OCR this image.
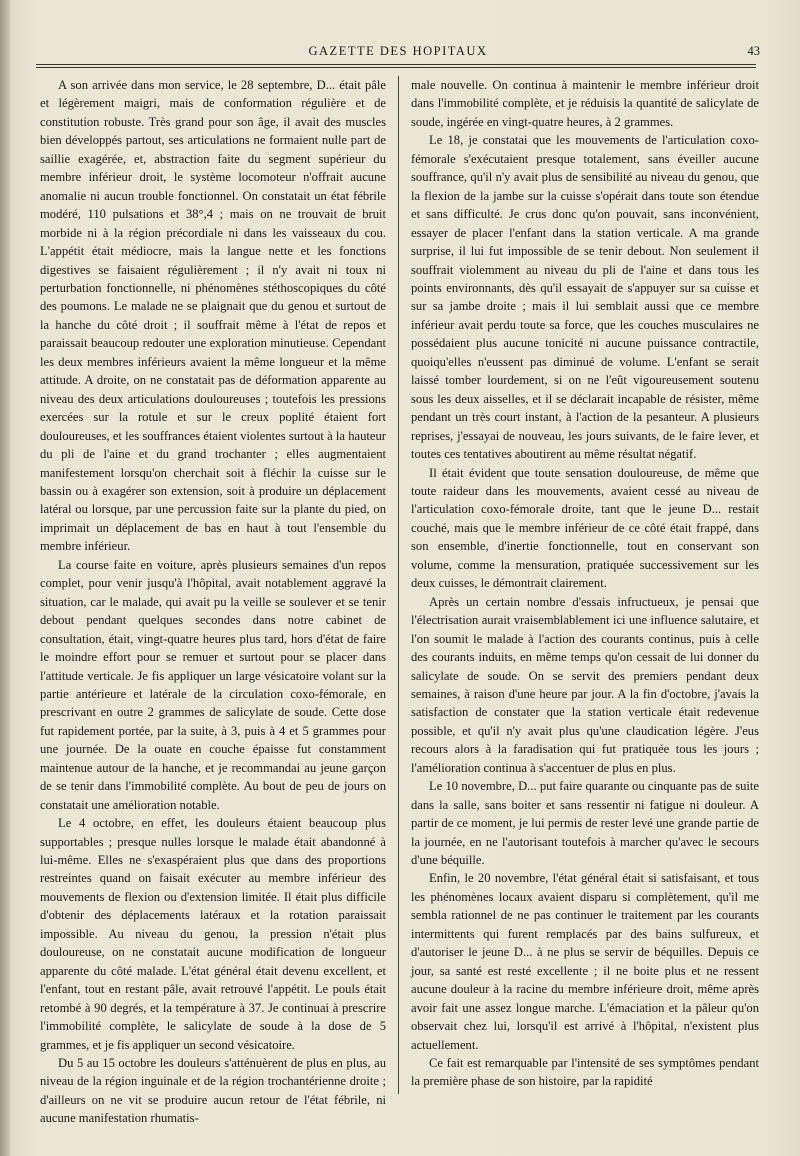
GAZETTE DES HOPITAUX	43

A son arrivée dans mon service, le 28 septembre, D... était pâle et légèrement maigri, mais de conformation régulière et de constitution robuste. Très grand pour son âge, il avait des muscles bien développés partout, ses articulations ne formaient nulle part de saillie exagérée, et, abstraction faite du segment supérieur du membre inférieur droit, le système locomoteur n'offrait aucune anomalie ni aucun trouble fonctionnel. On constatait un état fébrile modéré, 110 pulsations et 38°,4 ; mais on ne trouvait de bruit morbide ni à la région précordiale ni dans les vaisseaux du cou. L'appétit était médiocre, mais la langue nette et les fonctions digestives se faisaient régulièrement ; il n'y avait ni toux ni perturbation fonctionnelle, ni phénomènes stéthoscopiques du côté des poumons. Le malade ne se plaignait que du genou et surtout de la hanche du côté droit ; il souffrait même à l'état de repos et paraissait beaucoup redouter une exploration minutieuse. Cependant les deux membres inférieurs avaient la même longueur et la même attitude. A droite, on ne constatait pas de déformation apparente au niveau des deux articulations douloureuses ; toutefois les pressions exercées sur la rotule et sur le creux poplité étaient fort douloureuses, et les souffrances étaient violentes surtout à la hauteur du pli de l'aine et du grand trochanter ; elles augmentaient manifestement lorsqu'on cherchait soit à fléchir la cuisse sur le bassin ou à exagérer son extension, soit à produire un déplacement latéral ou lorsque, par une percussion faite sur la plante du pied, on imprimait un déplacement de bas en haut à tout l'ensemble du membre inférieur.

La course faite en voiture, après plusieurs semaines d'un repos complet, pour venir jusqu'à l'hôpital, avait notablement aggravé la situation, car le malade, qui avait pu la veille se soulever et se tenir debout pendant quelques secondes dans notre cabinet de consultation, était, vingt-quatre heures plus tard, hors d'état de faire le moindre effort pour se remuer et surtout pour se placer dans l'attitude verticale. Je fis appliquer un large vésicatoire volant sur la partie antérieure et latérale de la circulation coxo-fémorale, en prescrivant en outre 2 grammes de salicylate de soude. Cette dose fut rapidement portée, par la suite, à 3, puis à 4 et 5 grammes pour une journée. De la ouate en couche épaisse fut constamment maintenue autour de la hanche, et je recommandai au jeune garçon de se tenir dans l'immobilité complète. Au bout de peu de jours on constatait une amélioration notable.

Le 4 octobre, en effet, les douleurs étaient beaucoup plus supportables ; presque nulles lorsque le malade était abandonné à lui-même. Elles ne s'exaspéraient plus que dans des proportions restreintes quand on faisait exécuter au membre inférieur des mouvements de flexion ou d'extension limitée. Il était plus difficile d'obtenir des déplacements latéraux et la rotation paraissait impossible. Au niveau du genou, la pression n'était plus douloureuse, on ne constatait aucune modification de longueur apparente du côté malade. L'état général était devenu excellent, et l'enfant, tout en restant pâle, avait retrouvé l'appétit. Le pouls était retombé à 90 degrés, et la température à 37. Je continuai à prescrire l'immobilité complète, le salicylate de soude à la dose de 5 grammes, et je fis appliquer un second vésicatoire.

Du 5 au 15 octobre les douleurs s'atténuèrent de plus en plus, au niveau de la région inguinale et de la région trochantérienne droite ; d'ailleurs on ne vit se produire aucun retour de l'état fébrile, ni aucune manifestation rhumatis-

male nouvelle. On continua à maintenir le membre inférieur droit dans l'immobilité complète, et je réduisis la quantité de salicylate de soude, ingérée en vingt-quatre heures, à 2 grammes.

Le 18, je constatai que les mouvements de l'articulation coxo-fémorale s'exécutaient presque totalement, sans éveiller aucune souffrance, qu'il n'y avait plus de sensibilité au niveau du genou, que la flexion de la jambe sur la cuisse s'opérait dans toute son étendue et sans difficulté. Je crus donc qu'on pouvait, sans inconvénient, essayer de placer l'enfant dans la station verticale. A ma grande surprise, il lui fut impossible de se tenir debout. Non seulement il souffrait violemment au niveau du pli de l'aine et dans tous les points environnants, dès qu'il essayait de s'appuyer sur sa cuisse et sur sa jambe droite ; mais il lui semblait aussi que ce membre inférieur avait perdu toute sa force, que les couches musculaires ne possédaient plus aucune tonicité ni aucune puissance contractile, quoiqu'elles n'eussent pas diminué de volume. L'enfant se serait laissé tomber lourdement, si on ne l'eût vigoureusement soutenu sous les deux aisselles, et il se déclarait incapable de résister, même pendant un très court instant, à l'action de la pesanteur. A plusieurs reprises, j'essayai de nouveau, les jours suivants, de le faire lever, et toutes ces tentatives aboutirent au même résultat négatif.

Il était évident que toute sensation douloureuse, de même que toute raideur dans les mouvements, avaient cessé au niveau de l'articulation coxo-fémorale droite, tant que le jeune D... restait couché, mais que le membre inférieur de ce côté était frappé, dans son ensemble, d'inertie fonctionnelle, tout en conservant son volume, comme la mensuration, pratiquée successivement sur les deux cuisses, le démontrait clairement.

Après un certain nombre d'essais infructueux, je pensai que l'électrisation aurait vraisemblablement ici une influence salutaire, et l'on soumit le malade à l'action des courants continus, puis à celle des courants induits, en même temps qu'on cessait de lui donner du salicylate de soude. On se servit des premiers pendant deux semaines, à raison d'une heure par jour. A la fin d'octobre, j'avais la satisfaction de constater que la station verticale était redevenue possible, et qu'il n'y avait plus qu'une claudication légère. J'eus recours alors à la faradisation qui fut pratiquée tous les jours ; l'amélioration continua à s'accentuer de plus en plus.

Le 10 novembre, D... put faire quarante ou cinquante pas de suite dans la salle, sans boiter et sans ressentir ni fatigue ni douleur. A partir de ce moment, je lui permis de rester levé une grande partie de la journée, en ne l'autorisant toutefois à marcher qu'avec le secours d'une béquille.

Enfin, le 20 novembre, l'état général était si satisfaisant, et tous les phénomènes locaux avaient disparu si complètement, qu'il me sembla rationnel de ne pas continuer le traitement par les courants intermittents qui furent remplacés par des bains sulfureux, et d'autoriser le jeune D... à ne plus se servir de béquilles. Depuis ce jour, sa santé est resté excellente ; il ne boite plus et ne ressent aucune douleur à la racine du membre inférieure droit, même après avoir fait une assez longue marche. L'émaciation et la pâleur qu'on observait chez lui, lorsqu'il est arrivé à l'hôpital, n'existent plus actuellement.

Ce fait est remarquable par l'intensité de ses symptômes pendant la première phase de son histoire, par la rapidité
